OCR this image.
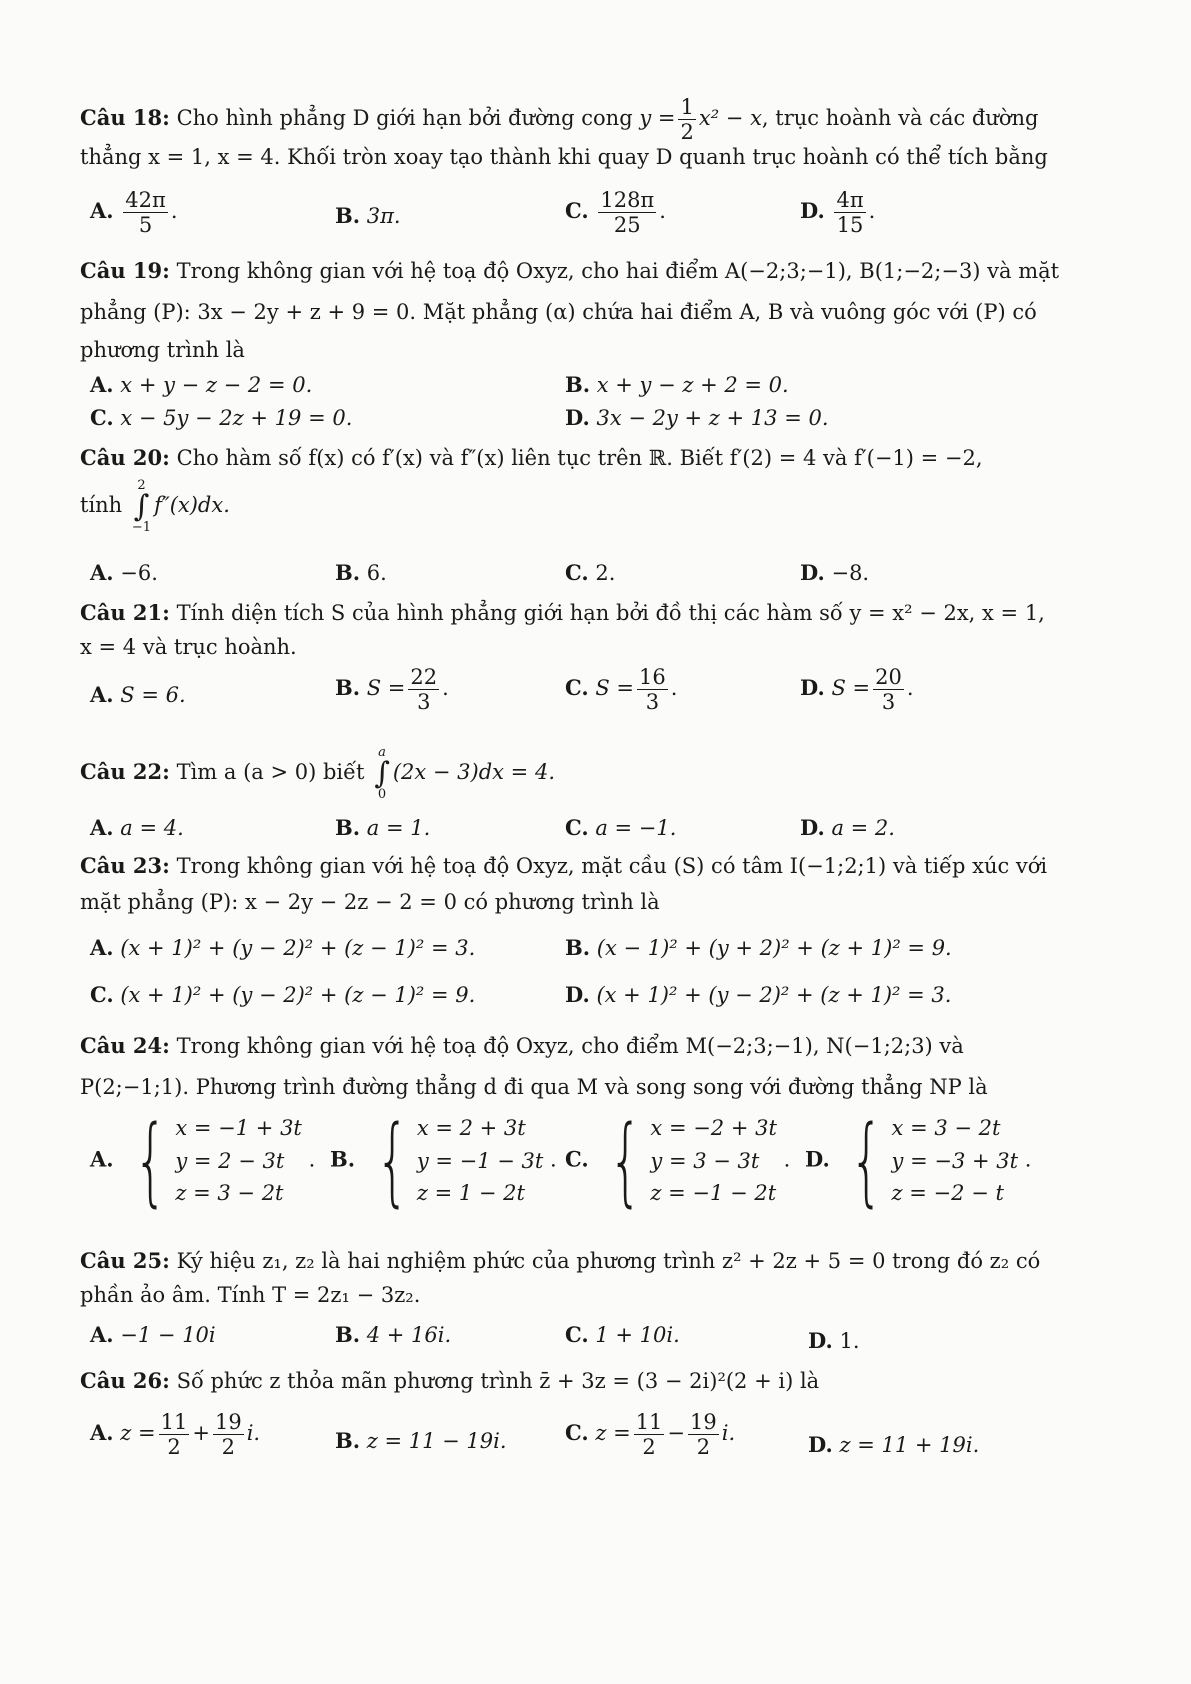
Câu 18: Cho hình phẳng D giới hạn bởi đường cong $y = \frac{1}{2} x^2 - x$, trục hoành và các đường
thẳng x = 1, x = 4. Khối tròn xoay tạo thành khi quay D quanh trục hoành có thể tích bằng
A. $\frac{42\pi}{5}$ .	B. 3π.	C. $\frac{128\pi}{25}$ .	D. $\frac{4\pi}{15}$ .
Câu 19: Trong không gian với hệ toạ độ Oxyz, cho hai điểm A(−2;3;−1), B(1;−2;−3) và mặt
phẳng (P): 3x − 2y + z + 9 = 0. Mặt phẳng (α) chứa hai điểm A, B và vuông góc với (P) có
phương trình là
A. x + y − z − 2 = 0.	B. x + y − z + 2 = 0.
C. x − 5y − 2z + 19 = 0.	D. 3x − 2y + z + 13 = 0.
Câu 20: Cho hàm số f(x) có f′(x) và f″(x) liên tục trên ℝ. Biết f′(2) = 4 và f′(−1) = −2,
tính
2
∫
−1
f″(x)dx.
A. −6.	B. 6.	C. 2.	D. −8.
Câu 21: Tính diện tích S của hình phẳng giới hạn bởi đồ thị các hàm số y = x² − 2x, x = 1,
x = 4 và trục hoành.
A. S = 6.	B. $S = \frac{22}{3}$ .	C. $S = \frac{16}{3}$ .	D. $S = \frac{20}{3}$ .
Câu 22: Tìm a (a > 0) biết
a
∫
0
(2x − 3)dx = 4.
A. a = 4.	B. a = 1.	C. a = −1.	D. a = 2.
Câu 23: Trong không gian với hệ toạ độ Oxyz, mặt cầu (S) có tâm I(−1;2;1) và tiếp xúc với
mặt phẳng (P): x − 2y − 2z − 2 = 0 có phương trình là
A. (x + 1)² + (y − 2)² + (z − 1)² = 3.	B. (x − 1)² + (y + 2)² + (z + 1)² = 9.
C. (x + 1)² + (y − 2)² + (z − 1)² = 9.	D. (x + 1)² + (y − 2)² + (z + 1)² = 3.
Câu 24: Trong không gian với hệ toạ độ Oxyz, cho điểm M(−2;3;−1), N(−1;2;3) và
P(2;−1;1). Phương trình đường thẳng d đi qua M và song song với đường thẳng NP là
A. { x = −1 + 3t
y = 2 − 3t
z = 3 − 2t
. B. { x = 2 + 3t
y = −1 − 3t
z = 1 − 2t
. C. { x = −2 + 3t
y = 3 − 3t
z = −1 − 2t
. D. { x = 3 − 2t
y = −3 + 3t
z = −2 − t
.
Câu 25: Ký hiệu z₁, z₂ là hai nghiệm phức của phương trình z² + 2z + 5 = 0 trong đó z₂ có
phần ảo âm. Tính T = 2z₁ − 3z₂.
A. −1 − 10i	B. 4 + 16i.	C. 1 + 10i.	D. 1.
Câu 26: Số phức z thỏa mãn phương trình z̄ + 3z = (3 − 2i)²(2 + i) là
A. $z = \frac{11}{2} + \frac{19}{2} i$.	B. z = 11 − 19i.	C. $z = \frac{11}{2} - \frac{19}{2} i$.	D. z = 11 + 19i.
